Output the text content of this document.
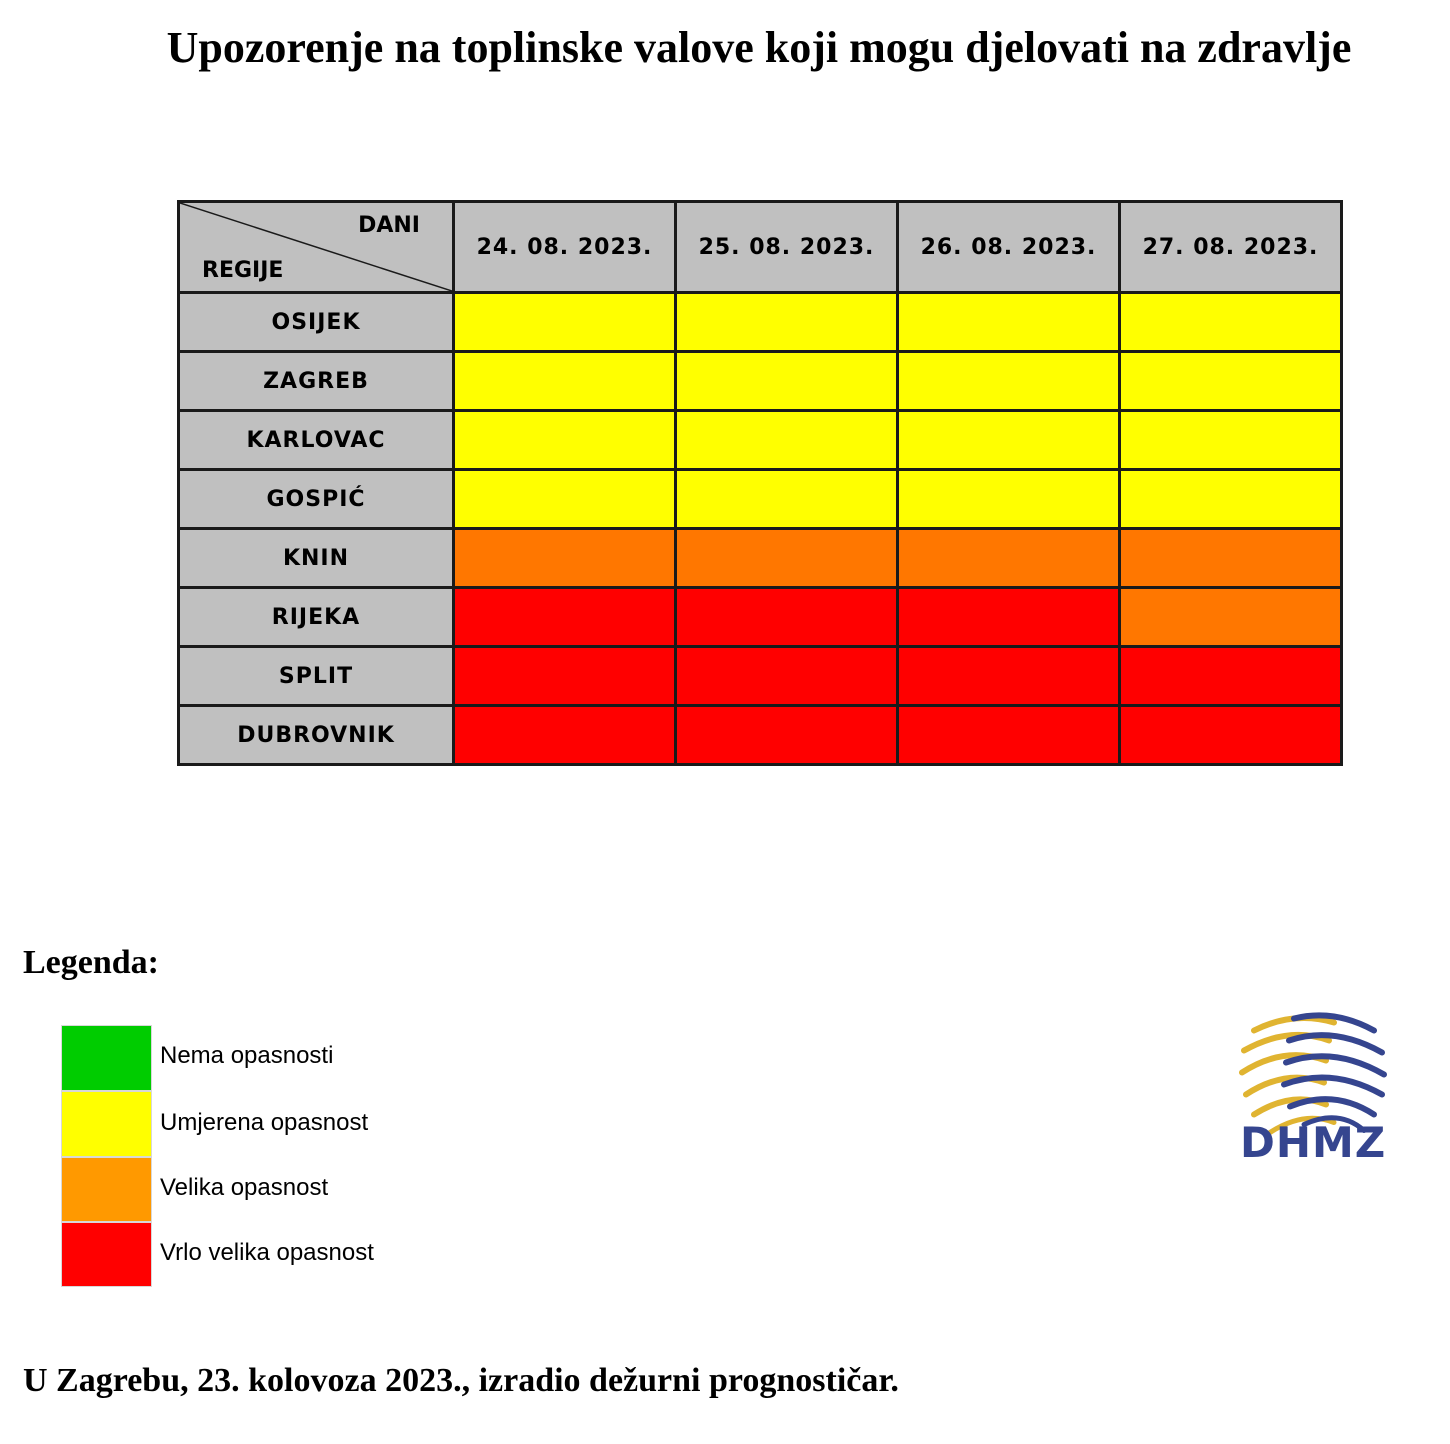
Upozorenje na toplinske valove koji mogu djelovati na zdravlje
DANI
REGIJE	24. 08. 2023.	25. 08. 2023.	26. 08. 2023.	27. 08. 2023.
OSIJEK				
ZAGREB				
KARLOVAC				
GOSPIĆ				
KNIN				
RIJEKA				
SPLIT				
DUBROVNIK				
Legenda:
Nema opasnosti
Umjerena opasnost
Velika opasnost
Vrlo velika opasnost
DHMZ
U Zagrebu, 23. kolovoza 2023., izradio dežurni prognostičar.
